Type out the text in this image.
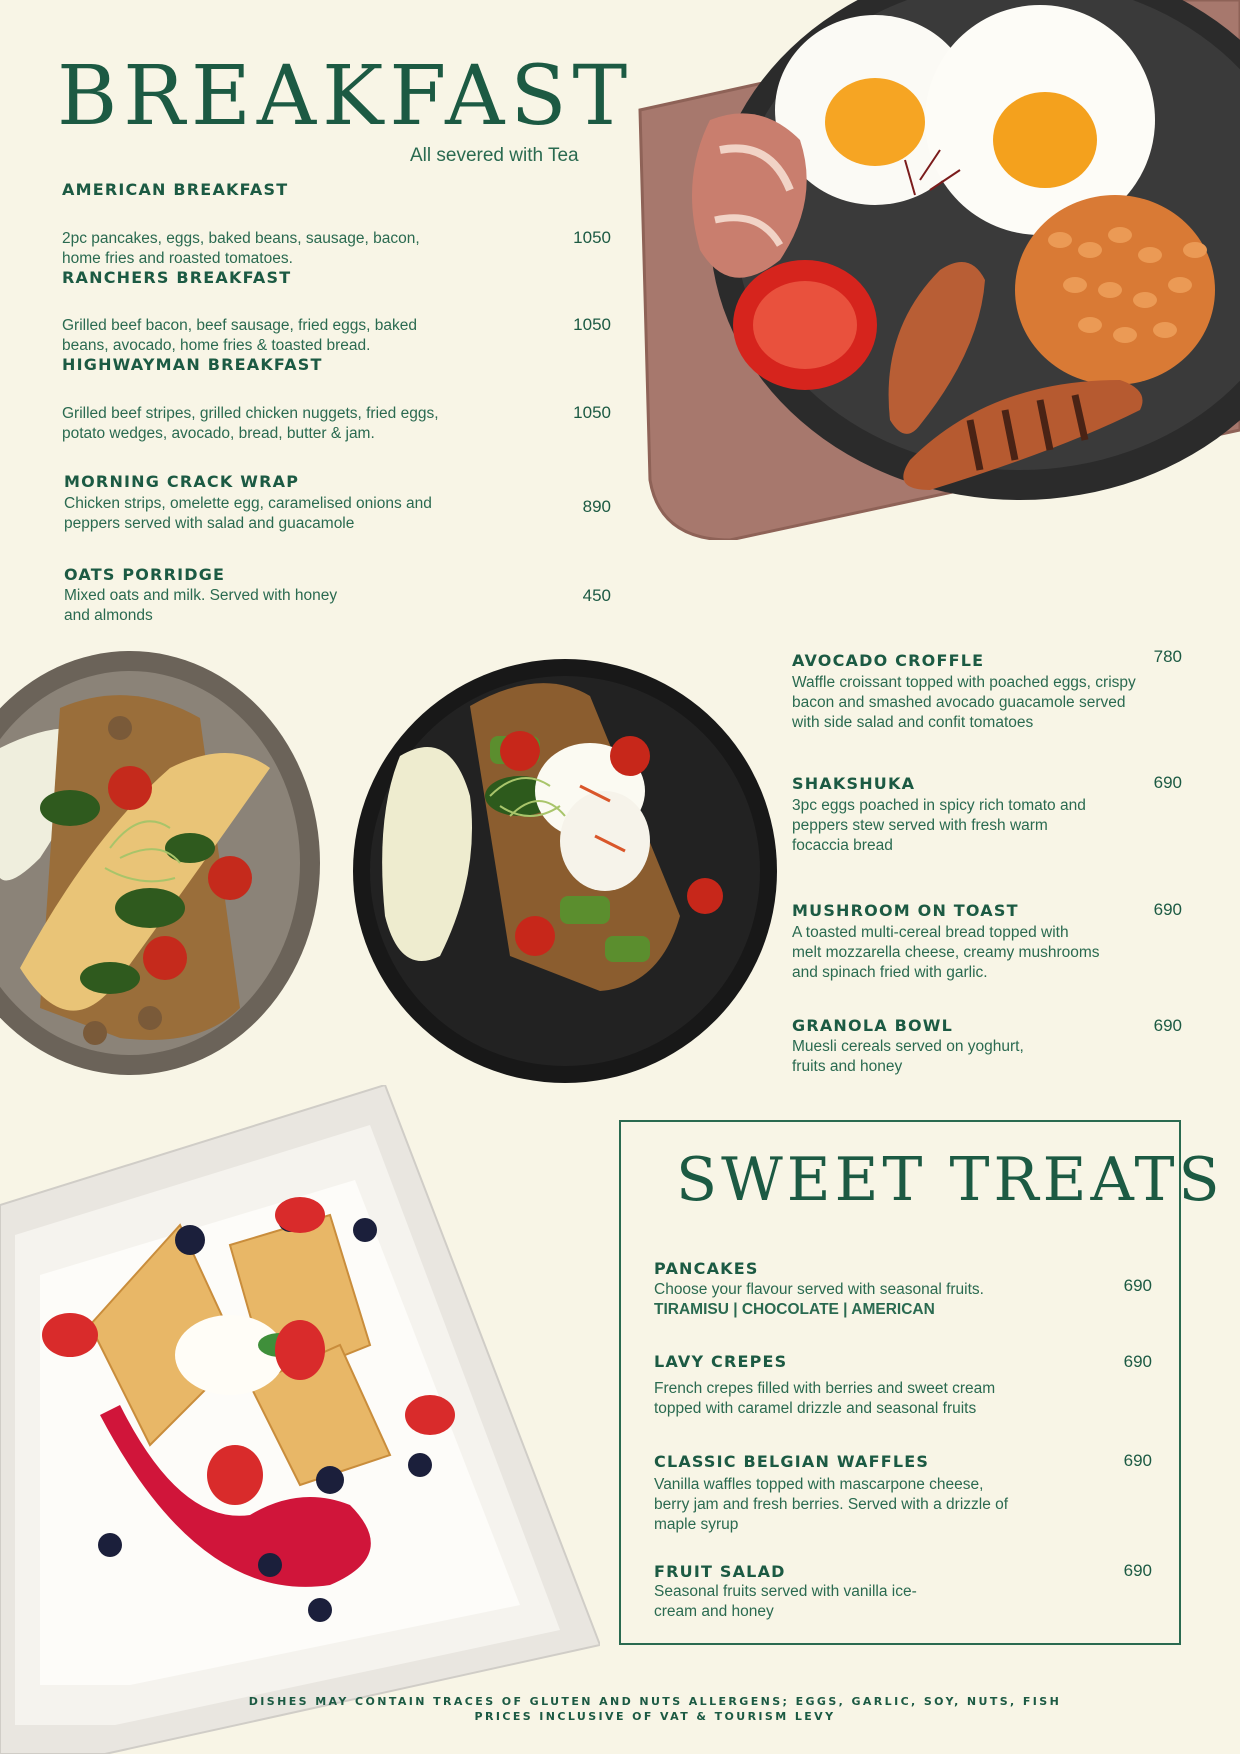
BREAKFAST
All severed with Tea
AMERICAN BREAKFAST
2pc pancakes, eggs, baked beans, sausage, bacon, home fries and roasted tomatoes.
1050
RANCHERS BREAKFAST
Grilled beef bacon, beef sausage, fried eggs, baked beans, avocado, home fries & toasted bread.
1050
HIGHWAYMAN BREAKFAST
Grilled beef stripes, grilled chicken nuggets, fried eggs, potato wedges, avocado, bread, butter & jam.
1050
MORNING CRACK WRAP
Chicken strips, omelette egg, caramelised onions and peppers served with salad and guacamole
890
OATS PORRIDGE
Mixed oats and milk. Served with honey and almonds
450
AVOCADO CROFFLE
Waffle croissant topped with poached eggs, crispy bacon and smashed avocado guacamole served with side salad and confit tomatoes
780
SHAKSHUKA
3pc eggs poached in spicy rich tomato and peppers stew served with fresh warm focaccia bread
690
MUSHROOM ON TOAST
A toasted multi-cereal bread topped with melt mozzarella cheese, creamy mushrooms and spinach fried with garlic.
690
GRANOLA BOWL
Muesli cereals served on yoghurt, fruits and honey
690
SWEET TREATS
PANCAKES
Choose your flavour served with seasonal fruits.
TIRAMISU | CHOCOLATE | AMERICAN
690
LAVY CREPES
French crepes filled with berries and sweet cream topped with caramel drizzle and seasonal fruits
690
CLASSIC BELGIAN WAFFLES
Vanilla waffles topped with mascarpone cheese, berry jam and fresh berries. Served with a drizzle of maple syrup
690
FRUIT SALAD
Seasonal fruits served with vanilla ice-cream and honey
690
DISHES MAY CONTAIN TRACES OF GLUTEN AND NUTS ALLERGENS; EGGS, GARLIC, SOY, NUTS, FISH
PRICES INCLUSIVE OF VAT & TOURISM LEVY
